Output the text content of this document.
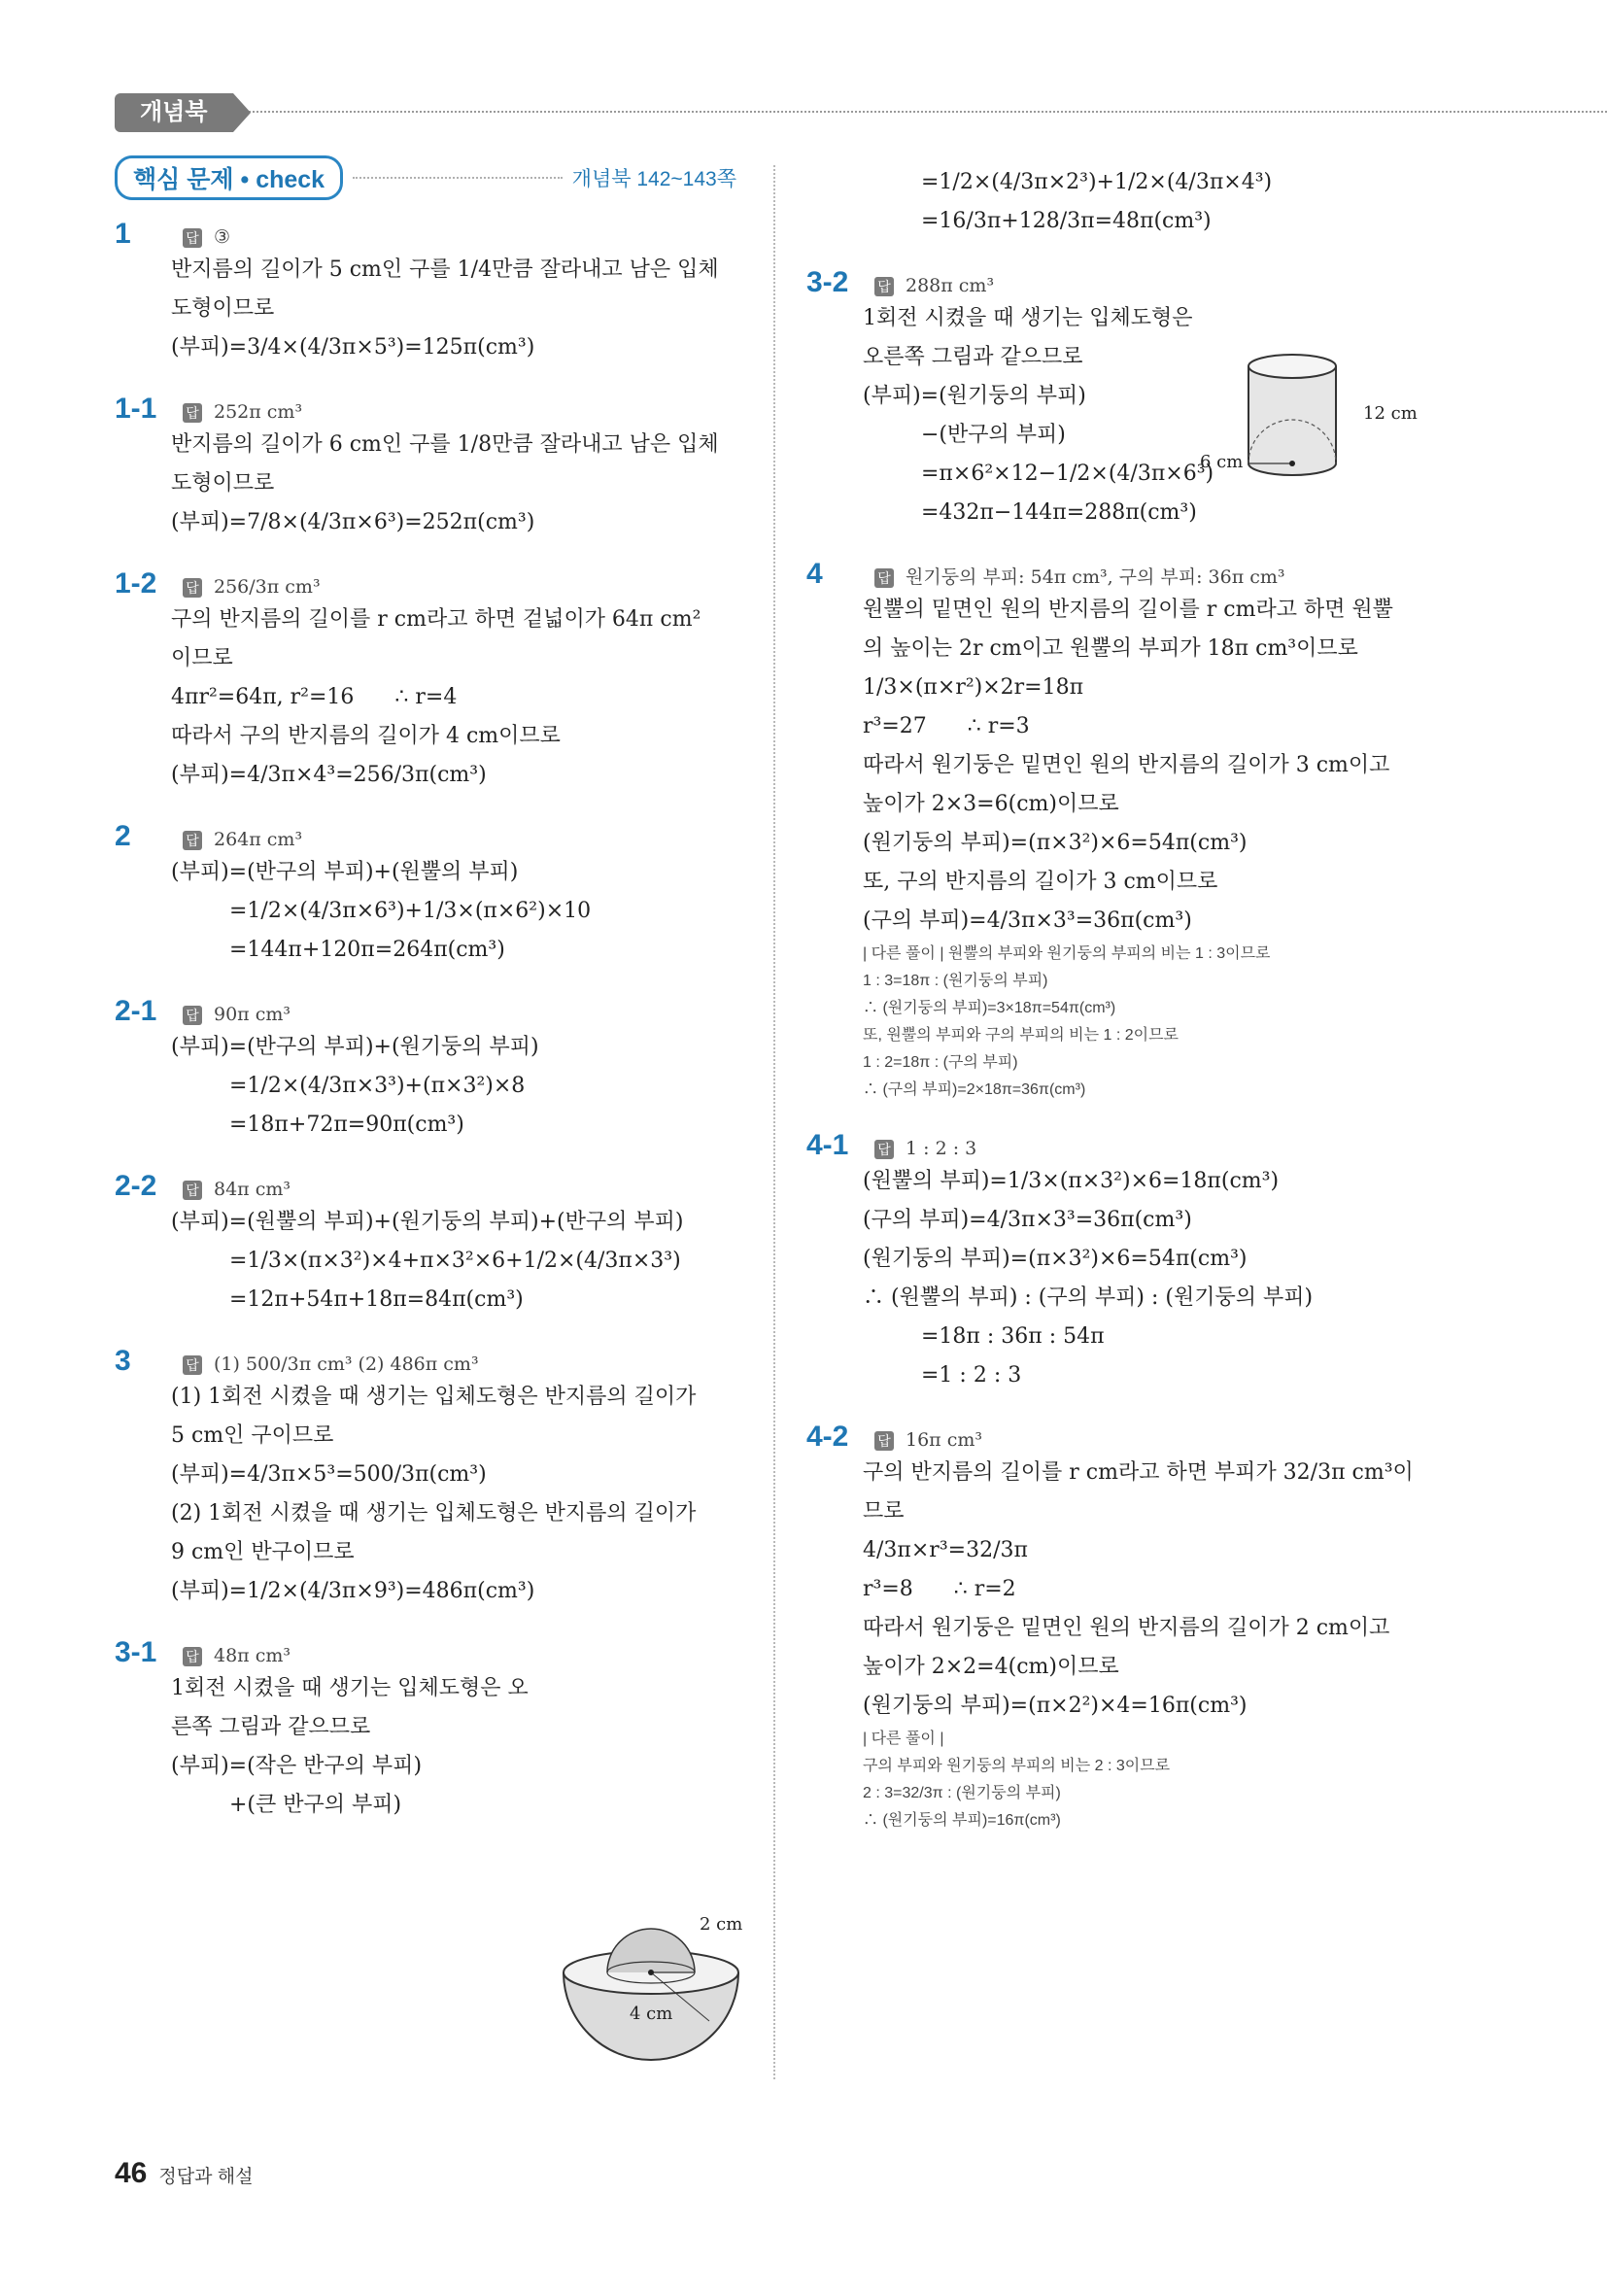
개념북
핵심 문제 • check	개념북 142~143쪽
1	답 ③
반지름의 길이가 5 cm인 구를 1/4만큼 잘라내고 남은 입체
도형이므로
(부피)=3/4×(4/3π×5³)=125π(cm³)
1-1	답 252π cm³
반지름의 길이가 6 cm인 구를 1/8만큼 잘라내고 남은 입체
도형이므로
(부피)=7/8×(4/3π×6³)=252π(cm³)
1-2	답 256/3π cm³
구의 반지름의 길이를 r cm라고 하면 겉넓이가 64π cm²
이므로
4πr²=64π, r²=16      ∴ r=4
따라서 구의 반지름의 길이가 4 cm이므로
(부피)=4/3π×4³=256/3π(cm³)
2	답 264π cm³
(부피)=(반구의 부피)+(원뿔의 부피)
=1/2×(4/3π×6³)+1/3×(π×6²)×10
=144π+120π=264π(cm³)
2-1	답 90π cm³
(부피)=(반구의 부피)+(원기둥의 부피)
=1/2×(4/3π×3³)+(π×3²)×8
=18π+72π=90π(cm³)
2-2	답 84π cm³
(부피)=(원뿔의 부피)+(원기둥의 부피)+(반구의 부피)
=1/3×(π×3²)×4+π×3²×6+1/2×(4/3π×3³)
=12π+54π+18π=84π(cm³)
3	답 (1) 500/3π cm³ (2) 486π cm³
(1) 1회전 시켰을 때 생기는 입체도형은 반지름의 길이가
5 cm인 구이므로
(부피)=4/3π×5³=500/3π(cm³)
(2) 1회전 시켰을 때 생기는 입체도형은 반지름의 길이가
9 cm인 반구이므로
(부피)=1/2×(4/3π×9³)=486π(cm³)
3-1	답 48π cm³
1회전 시켰을 때 생기는 입체도형은 오
른쪽 그림과 같으므로
(부피)=(작은 반구의 부피)
+(큰 반구의 부피)
=1/2×(4/3π×2³)+1/2×(4/3π×4³)
=16/3π+128/3π=48π(cm³)
3-2	답 288π cm³
1회전 시켰을 때 생기는 입체도형은
오른쪽 그림과 같으므로
(부피)=(원기둥의 부피)
−(반구의 부피)
=π×6²×12−1/2×(4/3π×6³)
=432π−144π=288π(cm³)
4	답 원기둥의 부피: 54π cm³, 구의 부피: 36π cm³
원뿔의 밑면인 원의 반지름의 길이를 r cm라고 하면 원뿔
의 높이는 2r cm이고 원뿔의 부피가 18π cm³이므로
1/3×(π×r²)×2r=18π
r³=27      ∴ r=3
따라서 원기둥은 밑면인 원의 반지름의 길이가 3 cm이고
높이가 2×3=6(cm)이므로
(원기둥의 부피)=(π×3²)×6=54π(cm³)
또, 구의 반지름의 길이가 3 cm이므로
(구의 부피)=4/3π×3³=36π(cm³)
| 다른 풀이 | 원뿔의 부피와 원기둥의 부피의 비는 1 : 3이므로
1 : 3=18π : (원기둥의 부피)
∴ (원기둥의 부피)=3×18π=54π(cm³)
또, 원뿔의 부피와 구의 부피의 비는 1 : 2이므로
1 : 2=18π : (구의 부피)
∴ (구의 부피)=2×18π=36π(cm³)
4-1	답 1 : 2 : 3
(원뿔의 부피)=1/3×(π×3²)×6=18π(cm³)
(구의 부피)=4/3π×3³=36π(cm³)
(원기둥의 부피)=(π×3²)×6=54π(cm³)
∴ (원뿔의 부피) : (구의 부피) : (원기둥의 부피)
=18π : 36π : 54π
=1 : 2 : 3
4-2	답 16π cm³
구의 반지름의 길이를 r cm라고 하면 부피가 32/3π cm³이
므로
4/3π×r³=32/3π
r³=8      ∴ r=2
따라서 원기둥은 밑면인 원의 반지름의 길이가 2 cm이고
높이가 2×2=4(cm)이므로
(원기둥의 부피)=(π×2²)×4=16π(cm³)
| 다른 풀이 |
구의 부피와 원기둥의 부피의 비는 2 : 3이므로
2 : 3=32/3π : (원기둥의 부피)
∴ (원기둥의 부피)=16π(cm³)
2 cm
4 cm
12 cm
6 cm
46 정답과 해설
